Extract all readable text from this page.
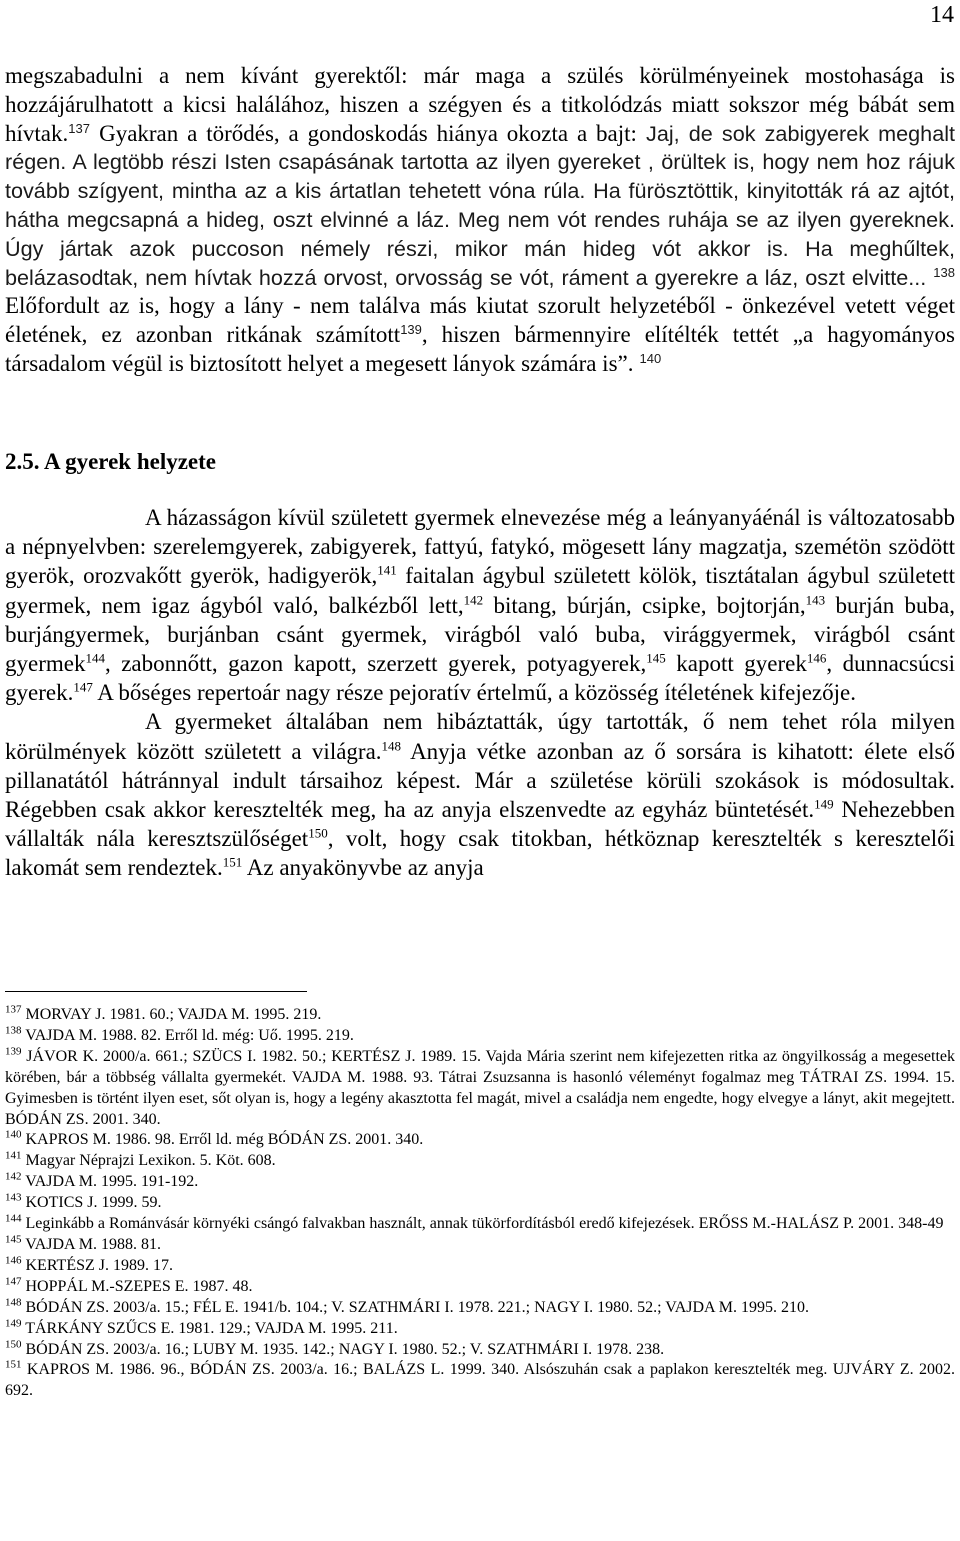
14
megszabadulni a nem kívánt gyerektől: már maga a szülés körülményeinek mostohasága is hozzájárulhatott a kicsi halálához, hiszen a szégyen és a titkolódzás miatt sokszor még bábát sem hívtak.$^{137}$ Gyakran a törődés, a gondoskodás hiánya okozta a bajt: Jaj, de sok zabigyerek meghalt régen. A legtöbb részi Isten csapásának tartotta az ilyen gyereket , örültek is, hogy nem hoz rájuk tovább szígyent, mintha az a kis ártatlan tehetett vóna rúla. Ha fürösztöttik, kinyitották rá az ajtót, hátha megcsapná a hideg, oszt elvinné a láz. Meg nem vót rendes ruhája se az ilyen gyereknek. Úgy jártak azok puccoson némely részi, mikor mán hideg vót akkor is. Ha meghűltek, belázasodtak, nem hívtak hozzá orvost, orvosság se vót, ráment a gyerekre a láz, oszt elvitte... $^{138}$ Előfordult az is, hogy a lány - nem találva más kiutat szorult helyzetéből - önkezével vetett véget életének, ez azonban ritkának számított$^{139}$, hiszen bármennyire elítélték tettét „a hagyományos társadalom végül is biztosított helyet a megesett lányok számára is”. $^{140}$
2.5. A gyerek helyzete

A házasságon kívül született gyermek elnevezése még a leányanyáénál is változatosabb a népnyelvben: szerelemgyerek, zabigyerek, fattyú, fatykó, mögesett lány magzatja, szemétön szödött gyerök, orozvakőtt gyerök, hadigyerök,$^{141}$ faitalan ágybul született kölök, tisztátalan ágybul született gyermek, nem igaz ágyból való, balkézből lett,$^{142}$ bitang, búrján, csipke, bojtorján,$^{143}$ burján buba, burjángyermek, burjánban csánt gyermek, virágból való buba, virággyermek, virágból csánt gyermek$^{144}$, zabonnőtt, gazon kapott, szerzett gyerek, potyagyerek,$^{145}$ kapott gyerek$^{146}$, dunnacsúcsi gyerek.$^{147}$ A bőséges repertoár nagy része pejoratív értelmű, a közösség ítéletének kifejezője.

A gyermeket általában nem hibáztatták, úgy tartották, ő nem tehet róla milyen körülmények között született a világra.$^{148}$ Anyja vétke azonban az ő sorsára is kihatott: élete első pillanatától hátránnyal indult társaihoz képest. Már a születése körüli szokások is módosultak. Régebben csak akkor keresztelték meg, ha az anyja elszenvedte az egyház büntetését.$^{149}$ Nehezebben vállalták nála keresztszülőséget$^{150}$, volt, hogy csak titokban, hétköznap keresztelték s keresztelői lakomát sem rendeztek.$^{151}$ Az anyakönyvbe az anyja

$^{137}$ MORVAY J. 1981. 60.; VAJDA M. 1995. 219.
$^{138}$ VAJDA M. 1988. 82. Erről ld. még: Uő. 1995. 219.
$^{139}$ JÁVOR K. 2000/a. 661.; SZÜCS I. 1982. 50.; KERTÉSZ J. 1989. 15. Vajda Mária szerint nem kifejezetten ritka az öngyilkosság a megesettek körében, bár a többség vállalta gyermekét. VAJDA M. 1988. 93. Tátrai Zsuzsanna is hasonló véleményt fogalmaz meg TÁTRAI ZS. 1994. 15. Gyimesben is történt ilyen eset, sőt olyan is, hogy a legény akasztotta fel magát, mivel a családja nem engedte, hogy elvegye a lányt, akit megejtett. BÓDÁN ZS. 2001. 340.
$^{140}$ KAPROS M. 1986. 98. Erről ld. még BÓDÁN ZS. 2001. 340.
$^{141}$ Magyar Néprajzi Lexikon. 5. Köt. 608.
$^{142}$ VAJDA M. 1995. 191-192.
$^{143}$ KOTICS J. 1999. 59.
$^{144}$ Leginkább a Románvásár környéki csángó falvakban használt, annak tükörfordításból eredő kifejezések. ERŐSS M.-HALÁSZ P. 2001. 348-49
$^{145}$ VAJDA M. 1988. 81.
$^{146}$ KERTÉSZ J. 1989. 17.
$^{147}$ HOPPÁL M.-SZEPES E. 1987. 48.
$^{148}$ BÓDÁN ZS. 2003/a. 15.; FÉL E. 1941/b. 104.; V. SZATHMÁRI I. 1978. 221.; NAGY I. 1980. 52.; VAJDA M. 1995. 210.
$^{149}$ TÁRKÁNY SZŰCS E. 1981. 129.; VAJDA M. 1995. 211.
$^{150}$ BÓDÁN ZS. 2003/a. 16.; LUBY M. 1935. 142.; NAGY I. 1980. 52.; V. SZATHMÁRI I. 1978. 238.
$^{151}$ KAPROS M. 1986. 96., BÓDÁN ZS. 2003/a. 16.; BALÁZS L. 1999. 340. Alsószuhán csak a paplakon keresztelték meg. UJVÁRY Z. 2002. 692.
